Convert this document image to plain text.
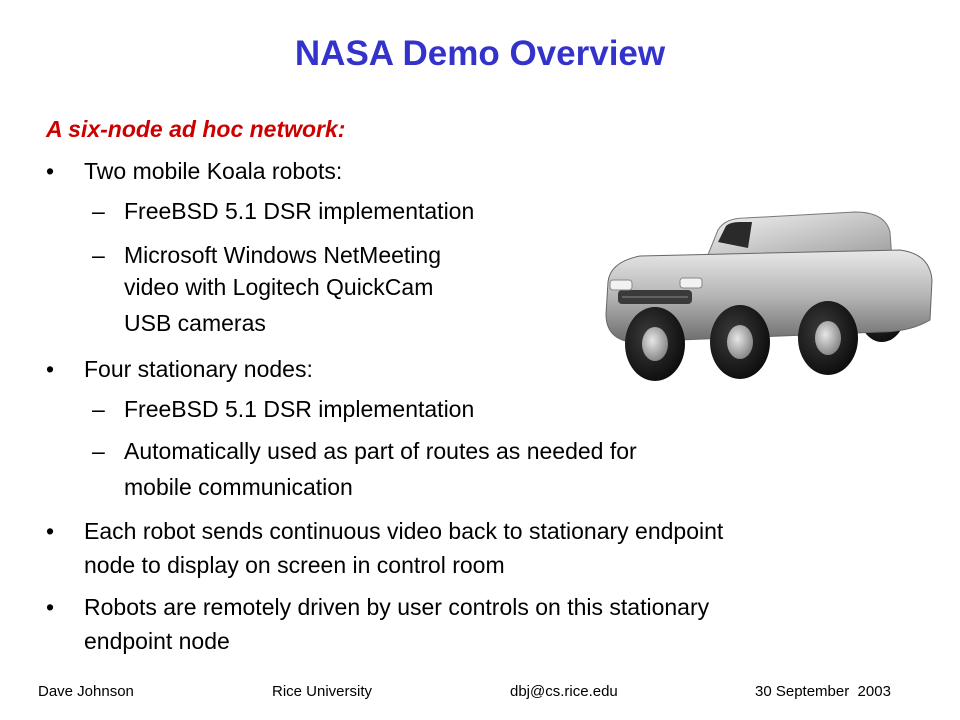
NASA Demo Overview
A six-node ad hoc network:
• Two mobile Koala robots:
– FreeBSD 5.1 DSR implementation
– Microsoft Windows NetMeeting
video with Logitech QuickCam
USB cameras
• Four stationary nodes:
– FreeBSD 5.1 DSR implementation
– Automatically used as part of routes as needed for
mobile communication
• Each robot sends continuous video back to stationary endpoint
node to display on screen in control room
• Robots are remotely driven by user controls on this stationary
endpoint node
Dave Johnson	Rice University	dbj@cs.rice.edu	30 September  2003
